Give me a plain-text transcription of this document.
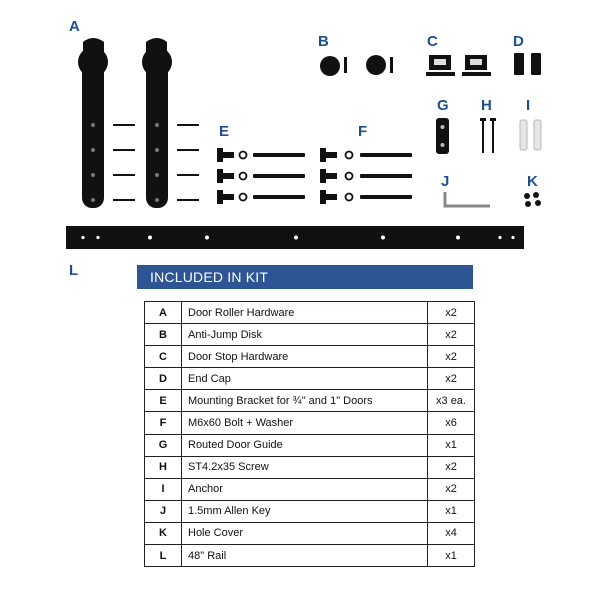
A
B	C	D
E	F
G H I
J	K
L	INCLUDED IN KIT
A	Door Roller Hardware	x2
B	Anti-Jump Disk	x2
C	Door Stop Hardware	x2
D	End Cap	x2
E	Mounting Bracket for ¾" and 1" Doors	x3 ea.
F	M6x60 Bolt + Washer	x6
G	Routed Door Guide	x1
H	ST4.2x35 Screw	x2
I	Anchor	x2
J	1.5mm Allen Key	x1
K	Hole Cover	x4
L	48" Rail	x1
